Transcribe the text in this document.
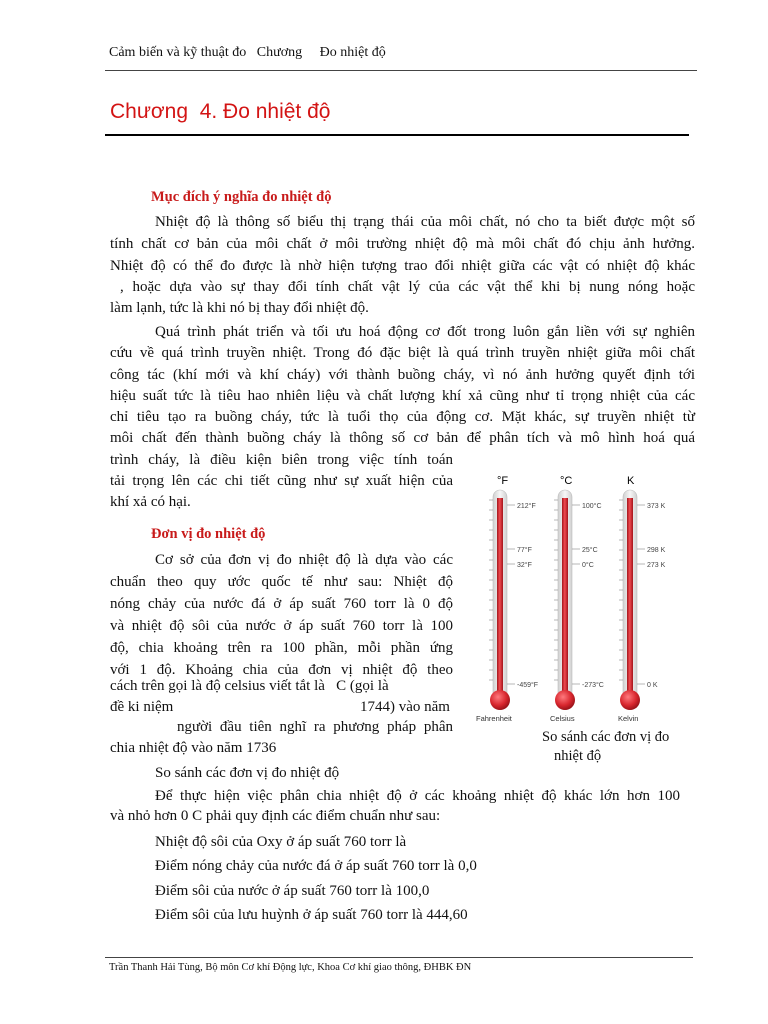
Cảm biến và kỹ thuật đo Chương Đo nhiệt độ
Chương  4. Đo nhiệt độ
Mục đích ý nghĩa đo nhiệt độ
Nhiệt độ là thông số biểu thị trạng thái của môi chất, nó cho ta biết được một số
tính chất cơ bản của môi chất ở môi trường nhiệt độ mà môi chất đó chịu ảnh hưởng.
Nhiệt độ có thể đo được là nhờ hiện tượng trao đổi nhiệt giữa các vật có nhiệt độ khác
, hoặc dựa vào sự thay đổi tính chất vật lý của các vật thể khi bị nung nóng hoặc
làm lạnh, tức là khi nó bị thay đổi nhiệt độ.
Quá trình phát triển và tối ưu hoá động cơ đốt trong luôn gắn liền với sự nghiên
cứu về quá trình truyền nhiệt. Trong đó đặc biệt là quá trình truyền nhiệt giữa môi chất
công tác (khí mới và khí cháy) với thành buồng cháy, vì nó ảnh hưởng quyết định tới
hiệu suất tức là tiêu hao nhiên liệu và chất lượng khí xả cũng như tỉ trọng nhiệt của các
chỉ tiêu tạo ra buồng cháy, tức là tuổi thọ của động cơ. Mặt khác, sự truyền nhiệt từ
môi chất đến thành buồng cháy là thông số cơ bản để phân tích và mô hình hoá quá
trình cháy, là điều kiện biên trong việc tính toán
tải trọng lên các chi tiết cũng như sự xuất hiện của
khí xả có hại.
Đơn vị đo nhiệt độ
Cơ sở của đơn vị đo nhiệt độ là dựa vào các
chuẩn theo quy ước quốc tế như sau: Nhiệt độ
nóng chảy của nước đá ở áp suất 760 torr là 0 độ
và nhiệt độ sôi của nước ở áp suất 760 torr là 100
độ, chia khoảng trên ra 100 phần, mỗi phần ứng
với 1 độ. Khoảng chia của đơn vị nhiệt độ theo
cách trên gọi là độ celsius viết tắt là   C (gọi là
đề ki niệm	1744) vào năm
người đầu tiên nghĩ ra phương pháp phân
chia nhiệt độ vào năm 1736
So sánh các đơn vị đo nhiệt độ
Để thực hiện việc phân chia nhiệt độ ở các khoảng nhiệt độ khác lớn hơn 100
và nhỏ hơn 0 C phải quy định các điểm chuẩn như sau:
Nhiệt độ sôi của Oxy ở áp suất 760 torr là
Điểm nóng chảy của nước đá ở áp suất 760 torr là 0,0
Điểm sôi của nước ở áp suất 760 torr là 100,0
Điểm sôi của lưu huỳnh ở áp suất 760 torr là 444,60
°F
212°F
77°F
32°F
-459°F
Fahrenheit
°C
100°C
25°C
0°C
-273°C
Celsius
K
373 K
298 K
273 K
0 K
Kelvin
So sánh các đơn vị đo
nhiệt độ
Trần Thanh Hải Tùng, Bộ môn Cơ khí Động lực, Khoa Cơ khí giao thông, ĐHBK ĐN
